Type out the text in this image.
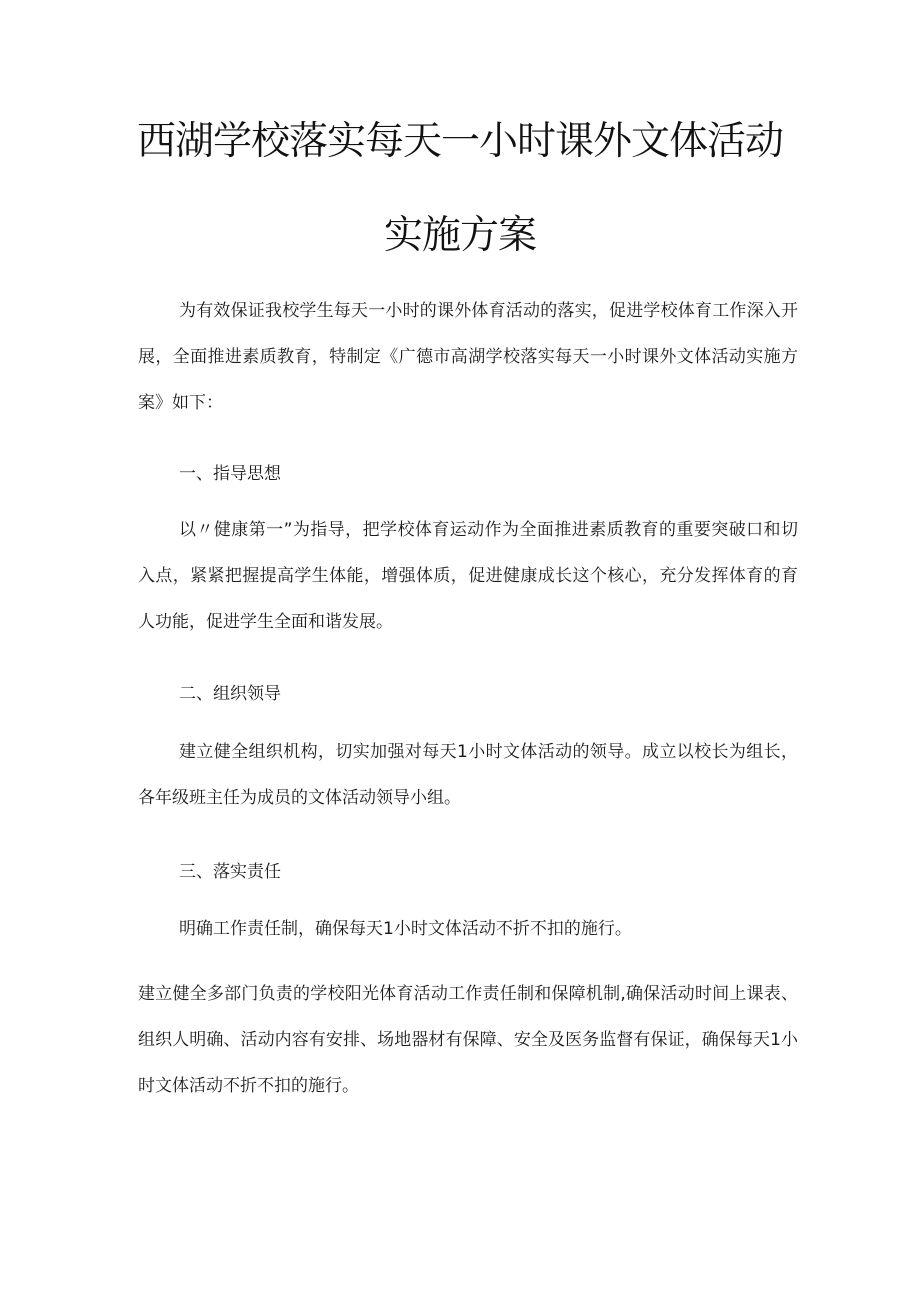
西湖学校落实每天一小时课外文体活动
实施方案

为有效保证我校学生每天一小时的课外体育活动的落实，促进学校体育工作深入开展，全面推进素质教育，特制定《广德市高湖学校落实每天一小时课外文体活动实施方案》如下：

一、指导思想

以〃健康第一”为指导，把学校体育运动作为全面推进素质教育的重要突破口和切入点，紧紧把握提高学生体能，增强体质，促进健康成长这个核心，充分发挥体育的育人功能，促进学生全面和谐发展。

二、组织领导

建立健全组织机构，切实加强对每天1小时文体活动的领导。成立以校长为组长，各年级班主任为成员的文体活动领导小组。

三、落实责任

明确工作责任制，确保每天1小时文体活动不折不扣的施行。

建立健全多部门负责的学校阳光体育活动工作责任制和保障机制,确保活动时间上课表、组织人明确、活动内容有安排、场地器材有保障、安全及医务监督有保证，确保每天1小时文体活动不折不扣的施行。
